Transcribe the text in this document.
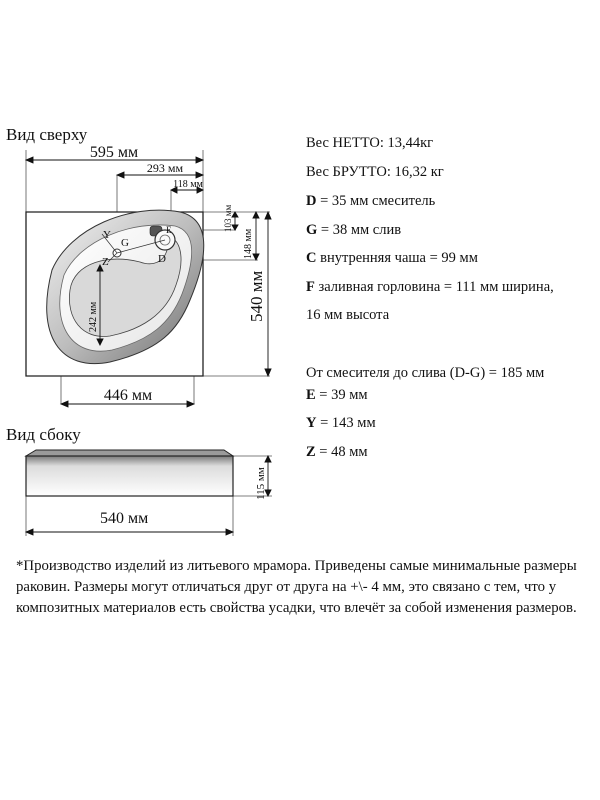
Вид сверху
Вид сбоку
595 мм
293 мм
118 мм
103 мм
148 мм
540 мм
242 мм
446 мм
Y
G
Z	D
E
115 мм
540 мм
Вес НЕТТО: 13,44кг
Вес БРУТТО: 16,32 кг
D = 35 мм смеситель
G = 38 мм слив
C внутренняя чаша = 99 мм
F заливная горловина = 111 мм ширина,
16 мм высота
От смесителя до слива (D-G) = 185 мм
E = 39 мм
Y = 143 мм
Z = 48 мм
*Производство изделий из литьевого мрамора. Приведены самые минимальные размеры раковин. Размеры могут отличаться друг от друга на +\- 4 мм, это связано с тем, что у композитных материалов есть свойства усадки, что влечёт за собой изменения размеров.
